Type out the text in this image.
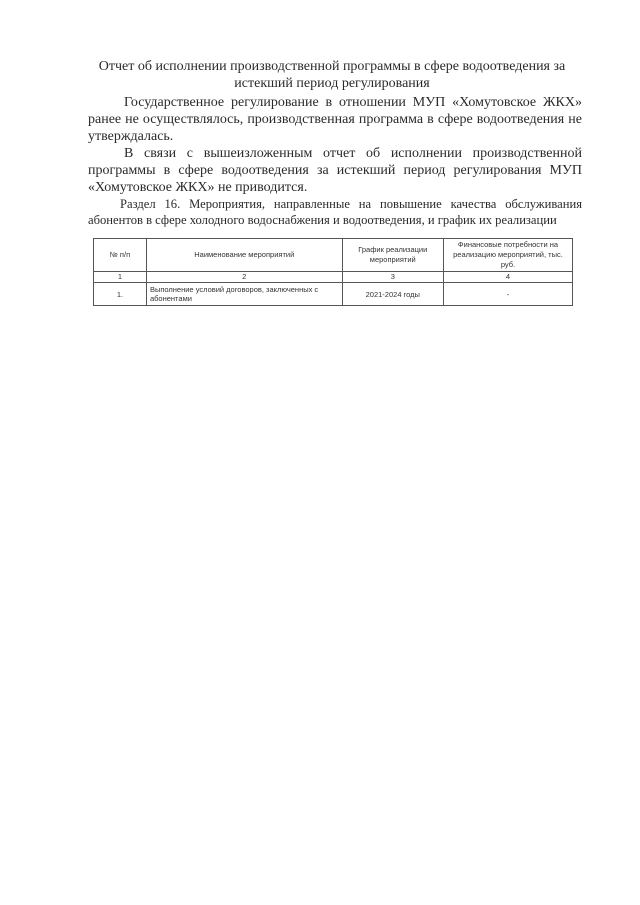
Отчет об исполнении производственной программы в сфере водоотведения за истекший период регулирования
Государственное регулирование в отношении МУП «Хомутовское ЖКХ» ранее не осуществлялось, производственная программа в сфере водоотведения не утверждалась.
В связи с вышеизложенным отчет об исполнении производственной программы в сфере водоотведения за истекший период регулирования МУП «Хомутовское ЖКХ» не приводится.
Раздел 16. Мероприятия, направленные на повышение качества обслуживания абонентов в сфере холодного водоснабжения и водоотведения, и график их реализации
№ п/п	Наименование мероприятий	График реализации мероприятий	Финансовые потребности на реализацию мероприятий, тыс. руб.
1	2	3	4
1.	Выполнение условий договоров, заключенных с абонентами	2021-2024 годы	-
